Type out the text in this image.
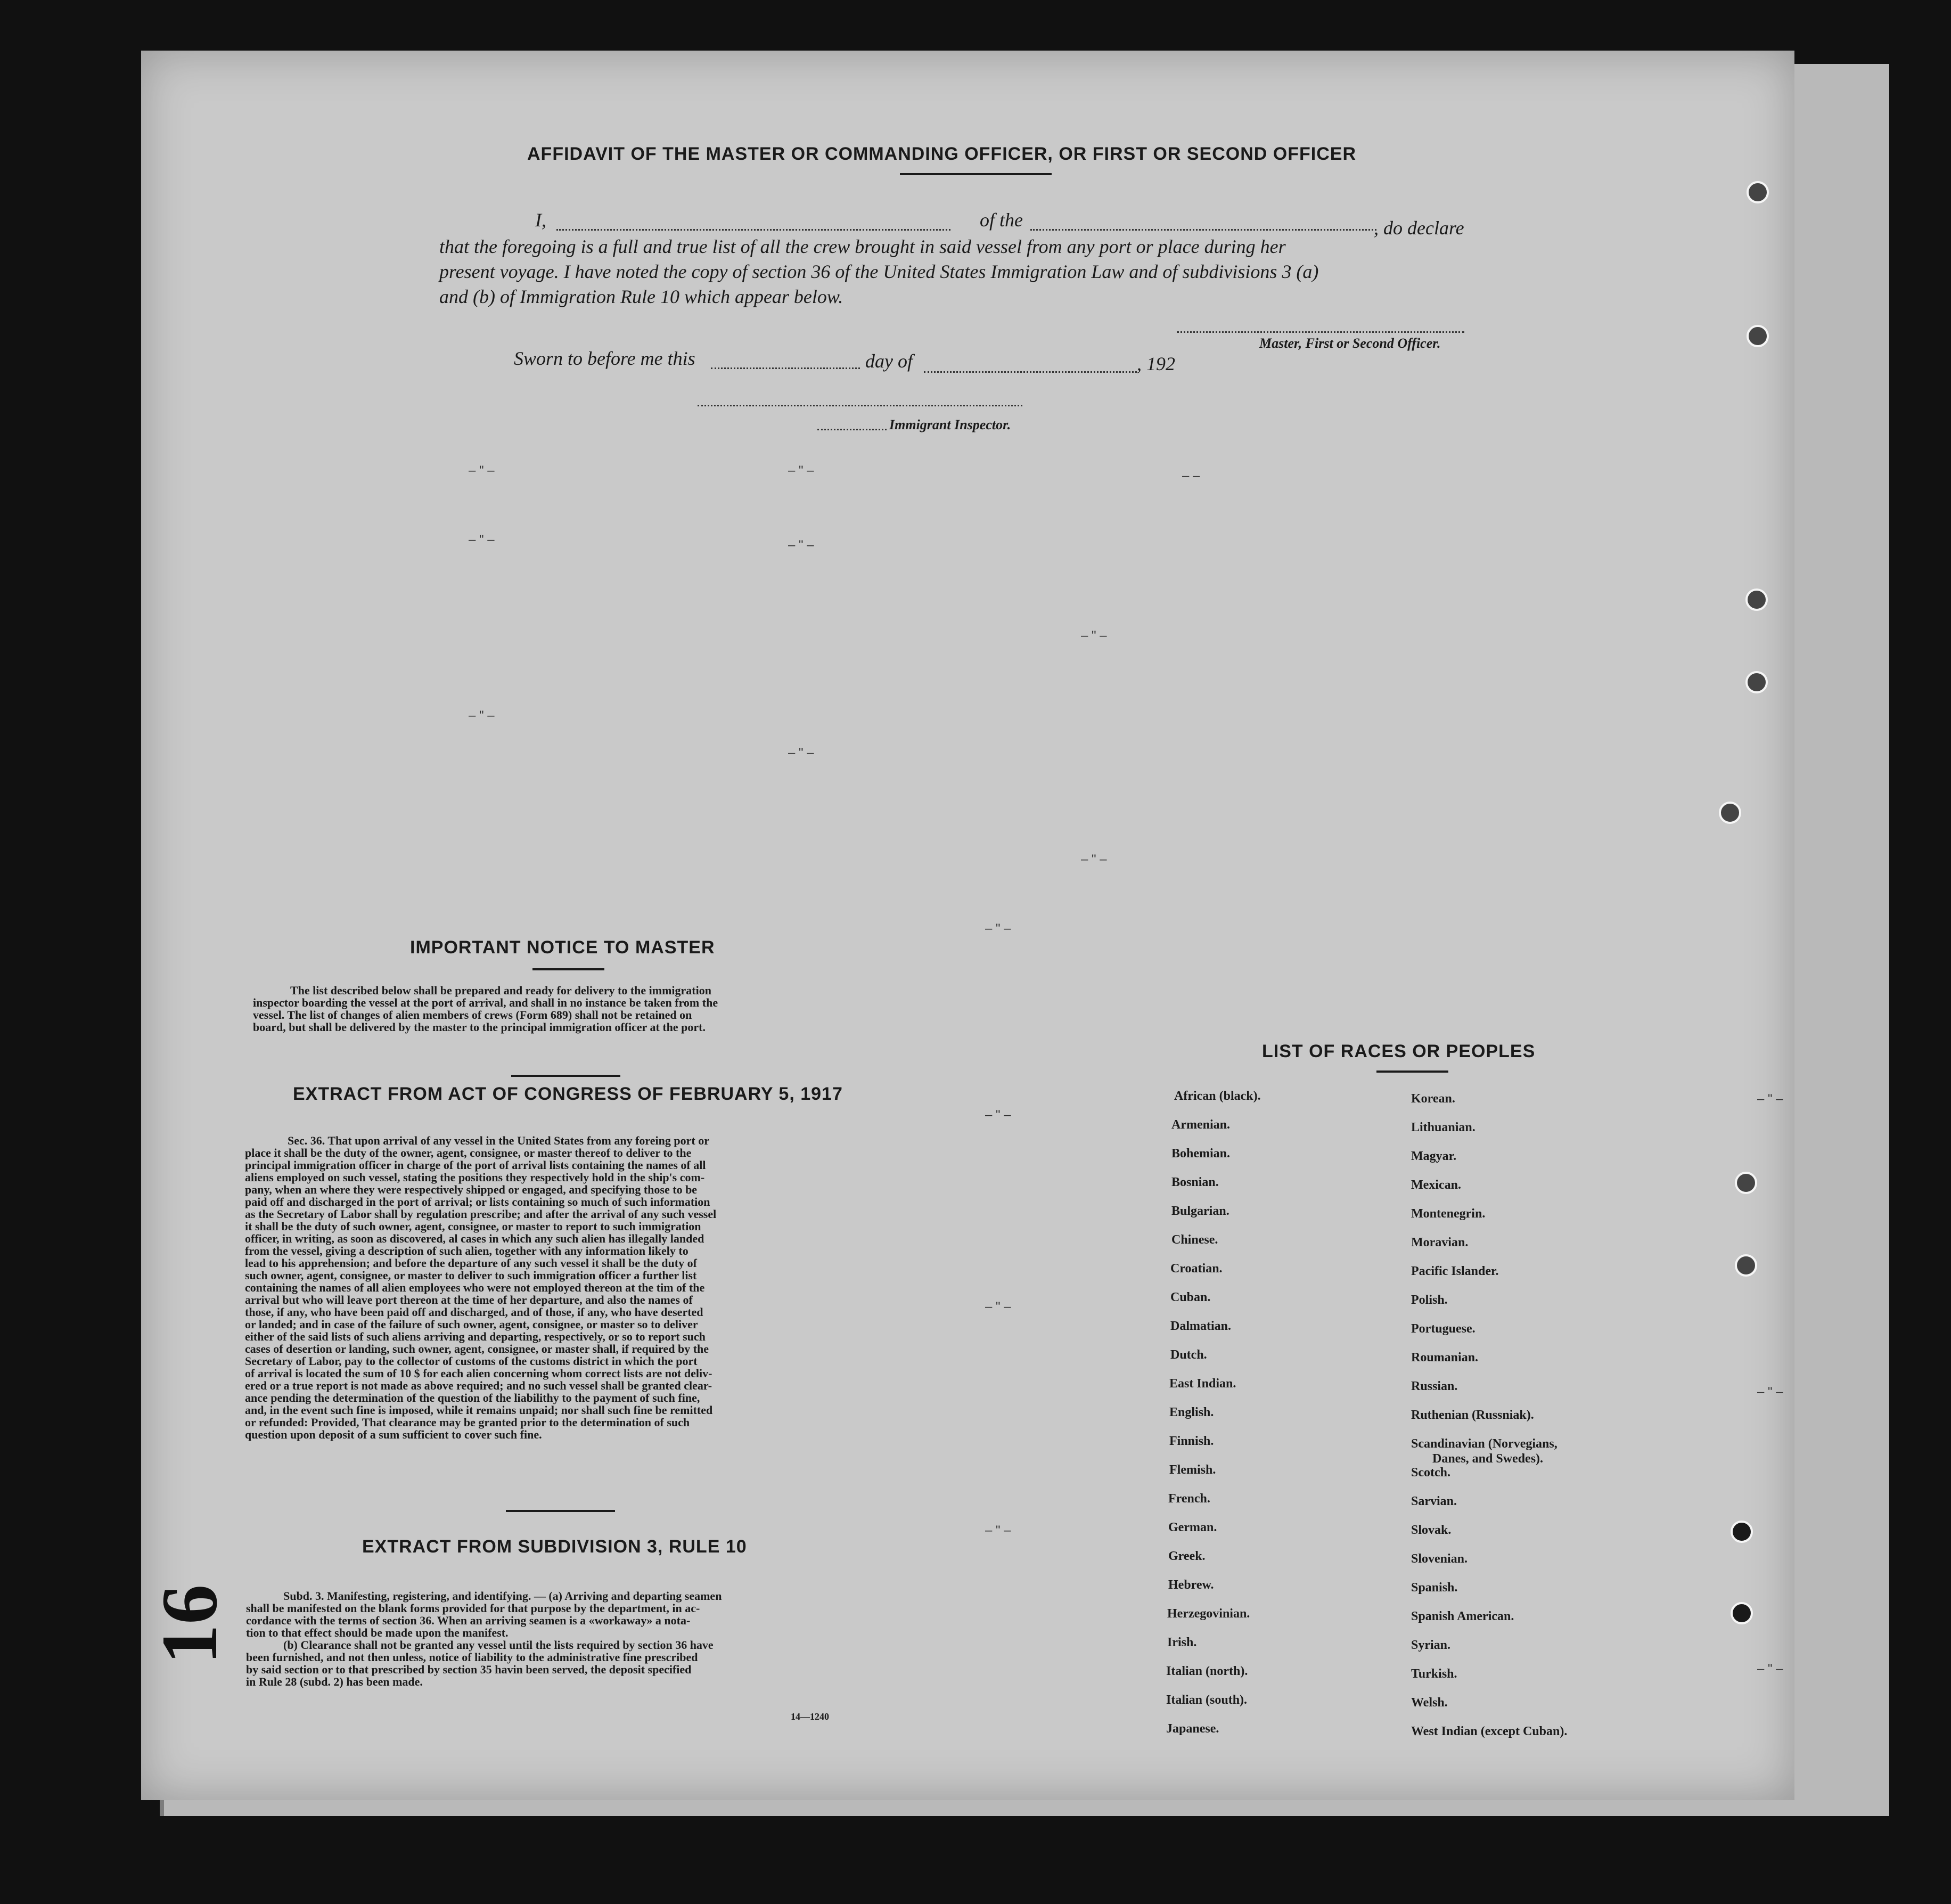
AFFIDAVIT OF THE MASTER OR COMMANDING OFFICER, OR FIRST OR SECOND OFFICER
I,	of the	, do declare
that the foregoing is a full and true list of all the crew brought in said vessel from any port or place during her
present voyage. I have noted the copy of section 36 of the United States Immigration Law and of subdivisions 3 (a)
and (b) of Immigration Rule 10 which appear below.
Master, First or Second Officer.
Sworn to before me this	day of	, 192
Immigrant Inspector.
IMPORTANT NOTICE TO MASTER
The list described below shall be prepared and ready for delivery to the immigration
inspector boarding the vessel at the port of arrival, and shall in no instance be taken from the
vessel. The list of changes of alien members of crews (Form 689) shall not be retained on
board, but shall be delivered by the master to the principal immigration officer at the port.
EXTRACT FROM ACT OF CONGRESS OF FEBRUARY 5, 1917
Sec. 36. That upon arrival of any vessel in the United States from any foreing port or
place it shall be the duty of the owner, agent, consignee, or master thereof to deliver to the
principal immigration officer in charge of the port of arrival lists containing the names of all
aliens employed on such vessel, stating the positions they respectively hold in the ship's com-
pany, when an where they were respectively shipped or engaged, and specifying those to be
paid off and discharged in the port of arrival; or lists containing so much of such information
as the Secretary of Labor shall by regulation prescribe; and after the arrival of any such vessel
it shall be the duty of such owner, agent, consignee, or master to report to such immigration
officer, in writing, as soon as discovered, al cases in which any such alien has illegally landed
from the vessel, giving a description of such alien, together with any information likely to
lead to his apprehension; and before the departure of any such vessel it shall be the duty of
such owner, agent, consignee, or master to deliver to such immigration officer a further list
containing the names of all alien employees who were not employed thereon at the tim of the
arrival but who will leave port thereon at the time of her departure, and also the names of
those, if any, who have been paid off and discharged, and of those, if any, who have deserted
or landed; and in case of the failure of such owner, agent, consignee, or master so to deliver
either of the said lists of such aliens arriving and departing, respectively, or so to report such
cases of desertion or landing, such owner, agent, consignee, or master shall, if required by the
Secretary of Labor, pay to the collector of customs of the customs district in which the port
of arrival is located the sum of 10 $ for each alien concerning whom correct lists are not deliv-
ered or a true report is not made as above required; and no such vessel shall be granted clear-
ance pending the determination of the question of the liabilithy to the payment of such fine,
and, in the event such fine is imposed, while it remains unpaid; nor shall such fine be remitted
or refunded: Provided, That clearance may be granted prior to the determination of such
question upon deposit of a sum sufficient to cover such fine.
EXTRACT FROM SUBDIVISION 3, RULE 10
Subd. 3. Manifesting, registering, and identifying. — (a) Arriving and departing seamen
shall be manifested on the blank forms provided for that purpose by the department, in ac-
cordance with the terms of section 36. When an arriving seamen is a «workaway» a nota-
tion to that effect should be made upon the manifest.
(b) Clearance shall not be granted any vessel until the lists required by section 36 have
been furnished, and not then unless, notice of liability to the administrative fine prescribed
by said section or to that prescribed by section 35 havin been served, the deposit specified
in Rule 28 (subd. 2) has been made.
14—1240
LIST OF RACES OR PEOPLES
African (black).
Armenian.
Bohemian.
Bosnian.
Bulgarian.
Chinese.
Croatian.
Cuban.
Dalmatian.
Dutch.
East Indian.
English.
Finnish.
Flemish.
French.
German.
Greek.
Hebrew.
Herzegovinian.
Irish.
Italian (north).
Italian (south).
Japanese.
Korean.
Lithuanian.
Magyar.
Mexican.
Montenegrin.
Moravian.
Pacific Islander.
Polish.
Portuguese.
Roumanian.
Russian.
Ruthenian (Russniak).
Scandinavian (Norvegians,
Danes, and Swedes).
Scotch.
Sarvian.
Slovak.
Slovenian.
Spanish.
Spanish American.
Syrian.
Turkish.
Welsh.
West Indian (except Cuban).
– " –	– " –	– –
– " –	– " –
– " –
– " –
– " –
– " –
– " –
– " –
– " –
– " –
– " –
– " –
– " –
16
